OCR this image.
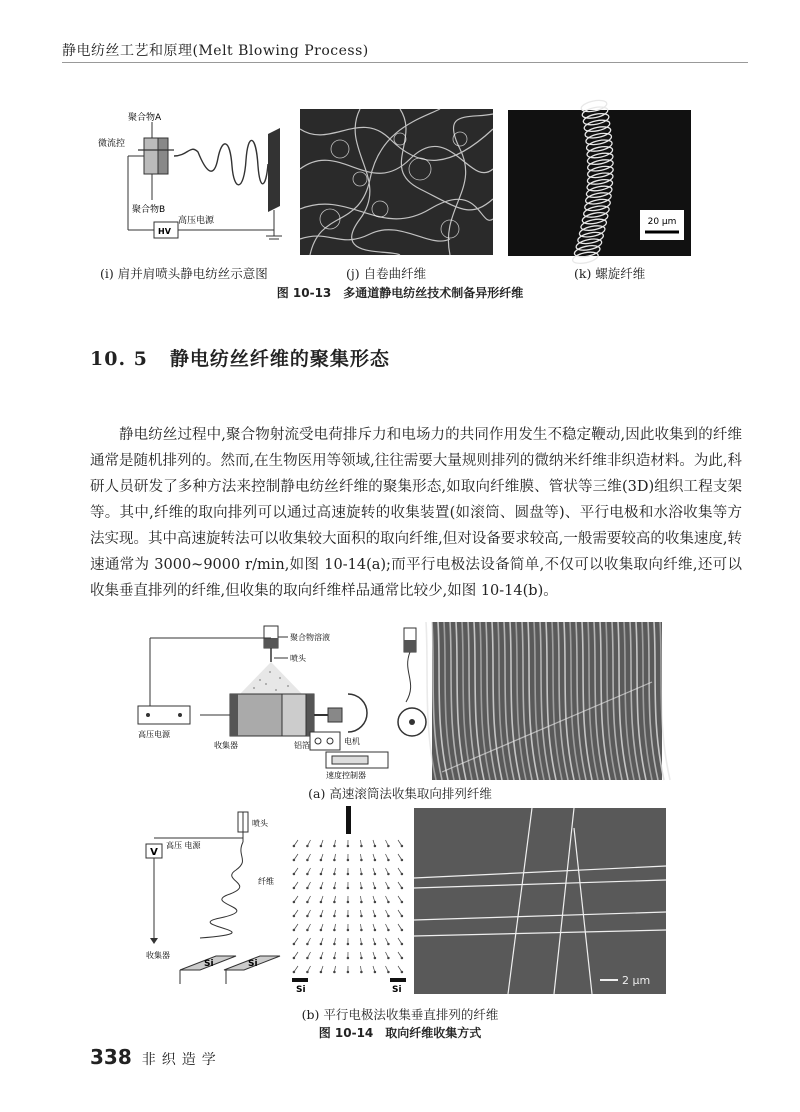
静电纺丝工艺和原理(Melt Blowing Process)
聚合物A
微流控
聚合物B
高压电源
HV
20 μm
(i) 肩并肩喷头静电纺丝示意图	(j) 自卷曲纤维	(k) 螺旋纤维
图 10-13　多通道静电纺丝技术制备异形纤维
10. 5 静电纺丝纤维的聚集形态

静电纺丝过程中,聚合物射流受电荷排斥力和电场力的共同作用发生不稳定鞭动,因此收集到的纤维通常是随机排列的。然而,在生物医用等领域,往往需要大量规则排列的微纳米纤维非织造材料。为此,科研人员研发了多种方法来控制静电纺丝纤维的聚集形态,如取向纤维膜、管状等三维(3D)组织工程支架等。其中,纤维的取向排列可以通过高速旋转的收集装置(如滚筒、圆盘等)、平行电极和水浴收集等方法实现。其中高速旋转法可以收集较大面积的取向纤维,但对设备要求较高,一般需要较高的收集速度,转速通常为 3000~9000 r/min,如图 10-14(a);而平行电极法设备简单,不仅可以收集取向纤维,还可以收集垂直排列的纤维,但收集的取向纤维样品通常比较少,如图 10-14(b)。

聚合物溶液
喷头
高压电源
收集器	铝箔	电机
速度控制器
(a) 高速滚筒法收集取向排列纤维
V
高压 电源
喷头
纤维
收集器
Si	Si
Si	Si
2 μm
(b) 平行电极法收集垂直排列的纤维
图 10-14　取向纤维收集方式
338 非织造学
